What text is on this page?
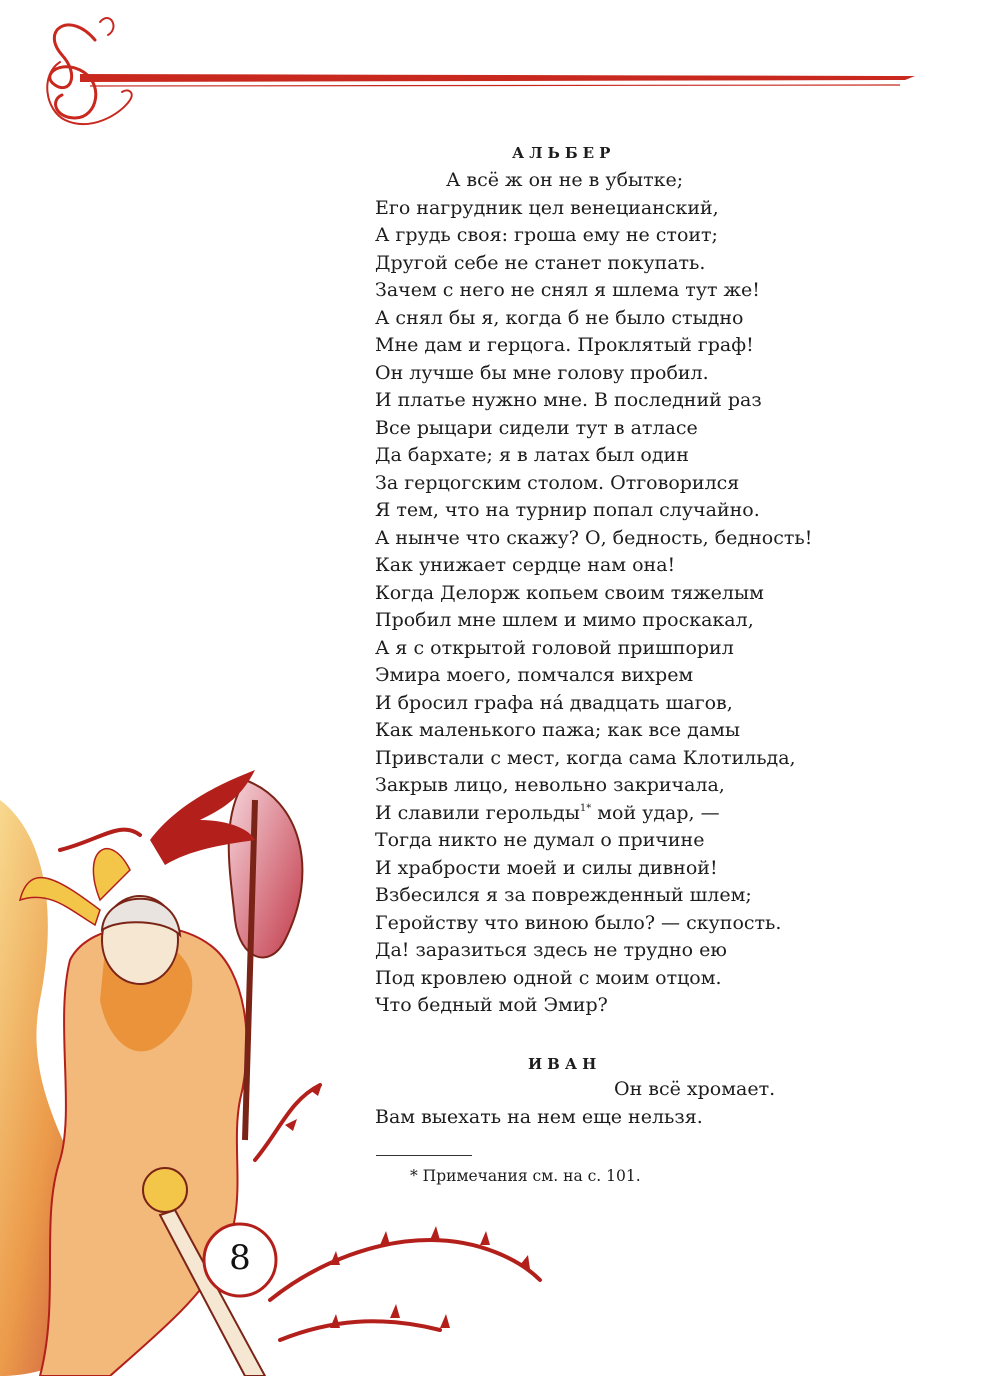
АЛЬБЕР
А всё ж он не в убытке;
Его нагрудник цел венецианский,
А грудь своя: гроша ему не стоит;
Другой себе не станет покупать.
Зачем с него не снял я шлема тут же!
А снял бы я, когда б не было стыдно
Мне дам и герцога. Проклятый граф!
Он лучше бы мне голову пробил.
И платье нужно мне. В последний раз
Все рыцари сидели тут в атласе
Да бархате; я в латах был один
За герцогским столом. Отговорился
Я тем, что на турнир попал случайно.
А нынче что скажу? О, бедность, бедность!
Как унижает сердце нам она!
Когда Делорж копьем своим тяжелым
Пробил мне шлем и мимо проскакал,
А я с открытой головой пришпорил
Эмира моего, помчался вихрем
И бросил графа на́ двадцать шагов,
Как маленького пажа; как все дамы
Привстали с мест, когда сама Клотильда,
Закрыв лицо, невольно закричала,
И славили герольды$^{1*}$ мой удар, —
Тогда никто не думал о причине
И храбрости моей и силы дивной!
Взбесился я за поврежденный шлем;
Геройству что виною было? — скупость.
Да! заразиться здесь не трудно ею
Под кровлею одной с моим отцом.
Что бедный мой Эмир?
ИВАН
Он всё хромает.
Вам выехать на нем еще нельзя.
* Примечания см. на с. 101.
8
